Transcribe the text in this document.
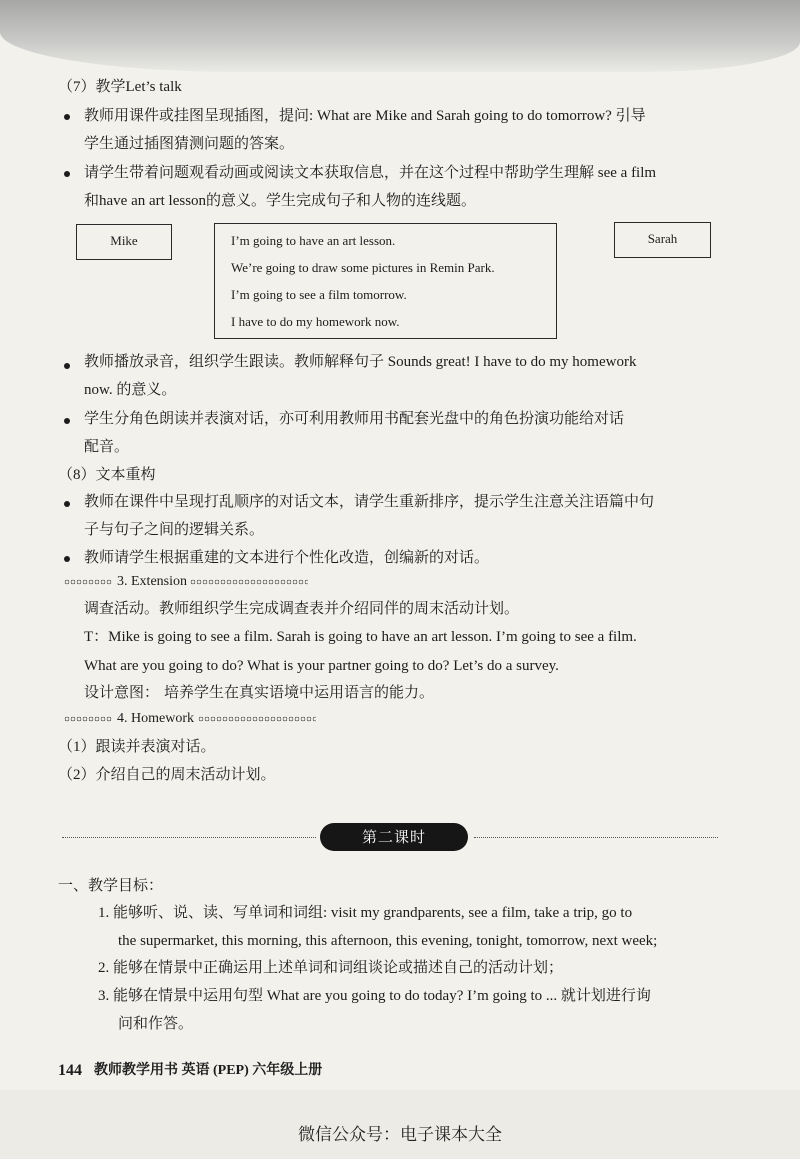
（7）教学Let’s talk
教师用课件或挂图呈现插图，提问: What are Mike and Sarah going to do tomorrow? 引导
学生通过插图猜测问题的答案。
请学生带着问题观看动画或阅读文本获取信息，并在这个过程中帮助学生理解 see a film
和have an art lesson的意义。学生完成句子和人物的连线题。
Mike	I’m going to have an art lesson.
We’re going to draw some pictures in Remin Park.
I’m going to see a film tomorrow.
I have to do my homework now.
Sarah
教师播放录音，组织学生跟读。教师解释句子 Sounds great! I have to do my homework
now. 的意义。
学生分角色朗读并表演对话，亦可利用教师用书配套光盘中的角色扮演功能给对话
配音。
（8）文本重构
教师在课件中呈现打乱顺序的对话文本，请学生重新排序，提示学生注意关注语篇中句
子与句子之间的逻辑关系。
教师请学生根据重建的文本进行个性化改造，创编新的对话。
3. Extension
调查活动。教师组织学生完成调查表并介绍同伴的周末活动计划。
T：Mike is going to see a film. Sarah is going to have an art lesson. I’m going to see a film.
What are you going to do? What is your partner going to do? Let’s do a survey.
设计意图： 培养学生在真实语境中运用语言的能力。
4. Homework
（1）跟读并表演对话。
（2）介绍自己的周末活动计划。
第二课时
一、教学目标：
1. 能够听、说、读、写单词和词组: visit my grandparents, see a film, take a trip, go to
the supermarket, this morning, this afternoon, this evening, tonight, tomorrow, next week;
2. 能够在情景中正确运用上述单词和词组谈论或描述自己的活动计划；
3. 能够在情景中运用句型 What are you going to do today? I’m going to ... 就计划进行询
问和作答。
144 教师教学用书 英语 (PEP) 六年级上册
微信公众号：电子课本大全
